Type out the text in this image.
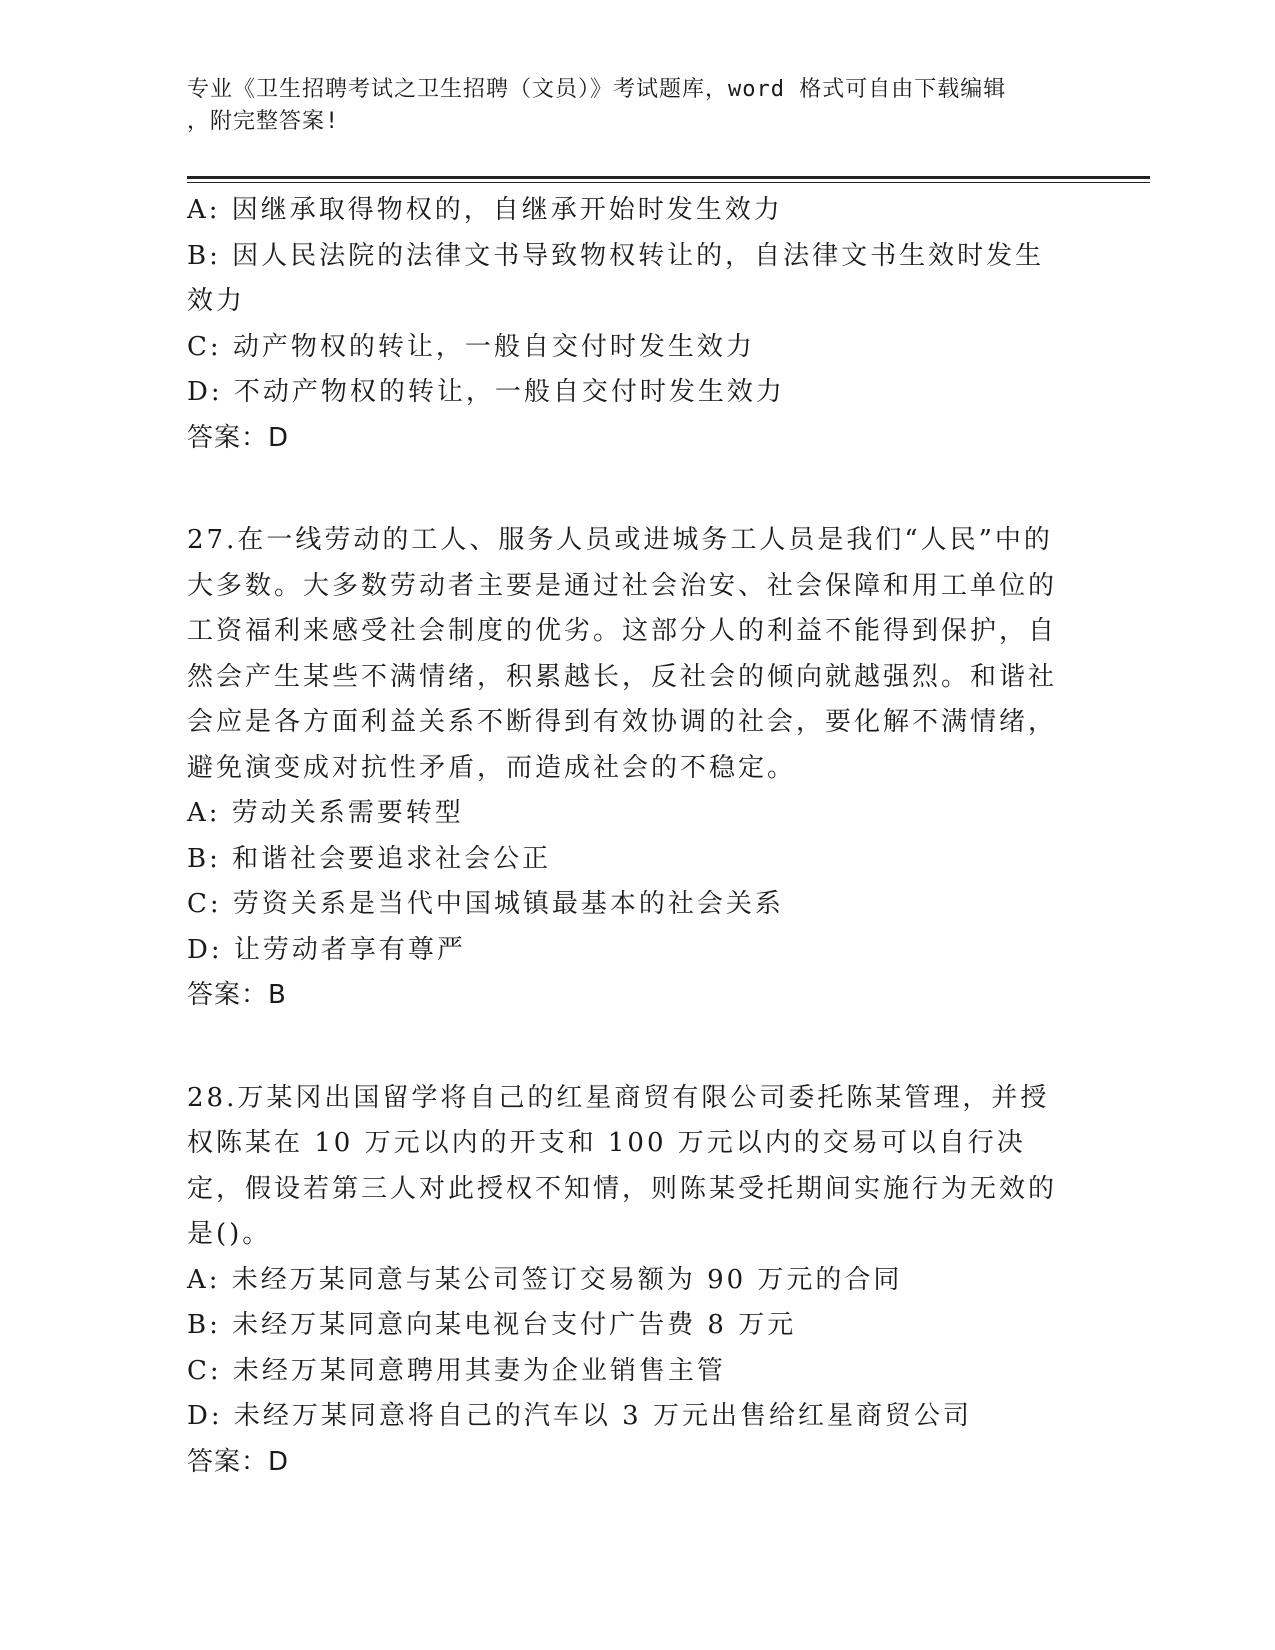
专业《卫生招聘考试之卫生招聘（文员）》考试题库，word 格式可自由下载编辑
，附完整答案!
A: 因继承取得物权的，自继承开始时发生效力
B: 因人民法院的法律文书导致物权转让的，自法律文书生效时发生效力
C: 动产物权的转让，一般自交付时发生效力
D: 不动产物权的转让，一般自交付时发生效力
答案：D
27.在一线劳动的工人、服务人员或进城务工人员是我们“人民”中的大多数。大多数劳动者主要是通过社会治安、社会保障和用工单位的工资福利来感受社会制度的优劣。这部分人的利益不能得到保护，自然会产生某些不满情绪，积累越长，反社会的倾向就越强烈。和谐社会应是各方面利益关系不断得到有效协调的社会，要化解不满情绪，避免演变成对抗性矛盾，而造成社会的不稳定。
A: 劳动关系需要转型
B: 和谐社会要追求社会公正
C: 劳资关系是当代中国城镇最基本的社会关系
D: 让劳动者享有尊严
答案：B
28.万某冈出国留学将自己的红星商贸有限公司委托陈某管理，并授权陈某在 10 万元以内的开支和 100 万元以内的交易可以自行决定，假设若第三人对此授权不知情，则陈某受托期间实施行为无效的是()。
A: 未经万某同意与某公司签订交易额为 90 万元的合同
B: 未经万某同意向某电视台支付广告费 8 万元
C: 未经万某同意聘用其妻为企业销售主管
D: 未经万某同意将自己的汽车以 3 万元出售给红星商贸公司
答案：D
